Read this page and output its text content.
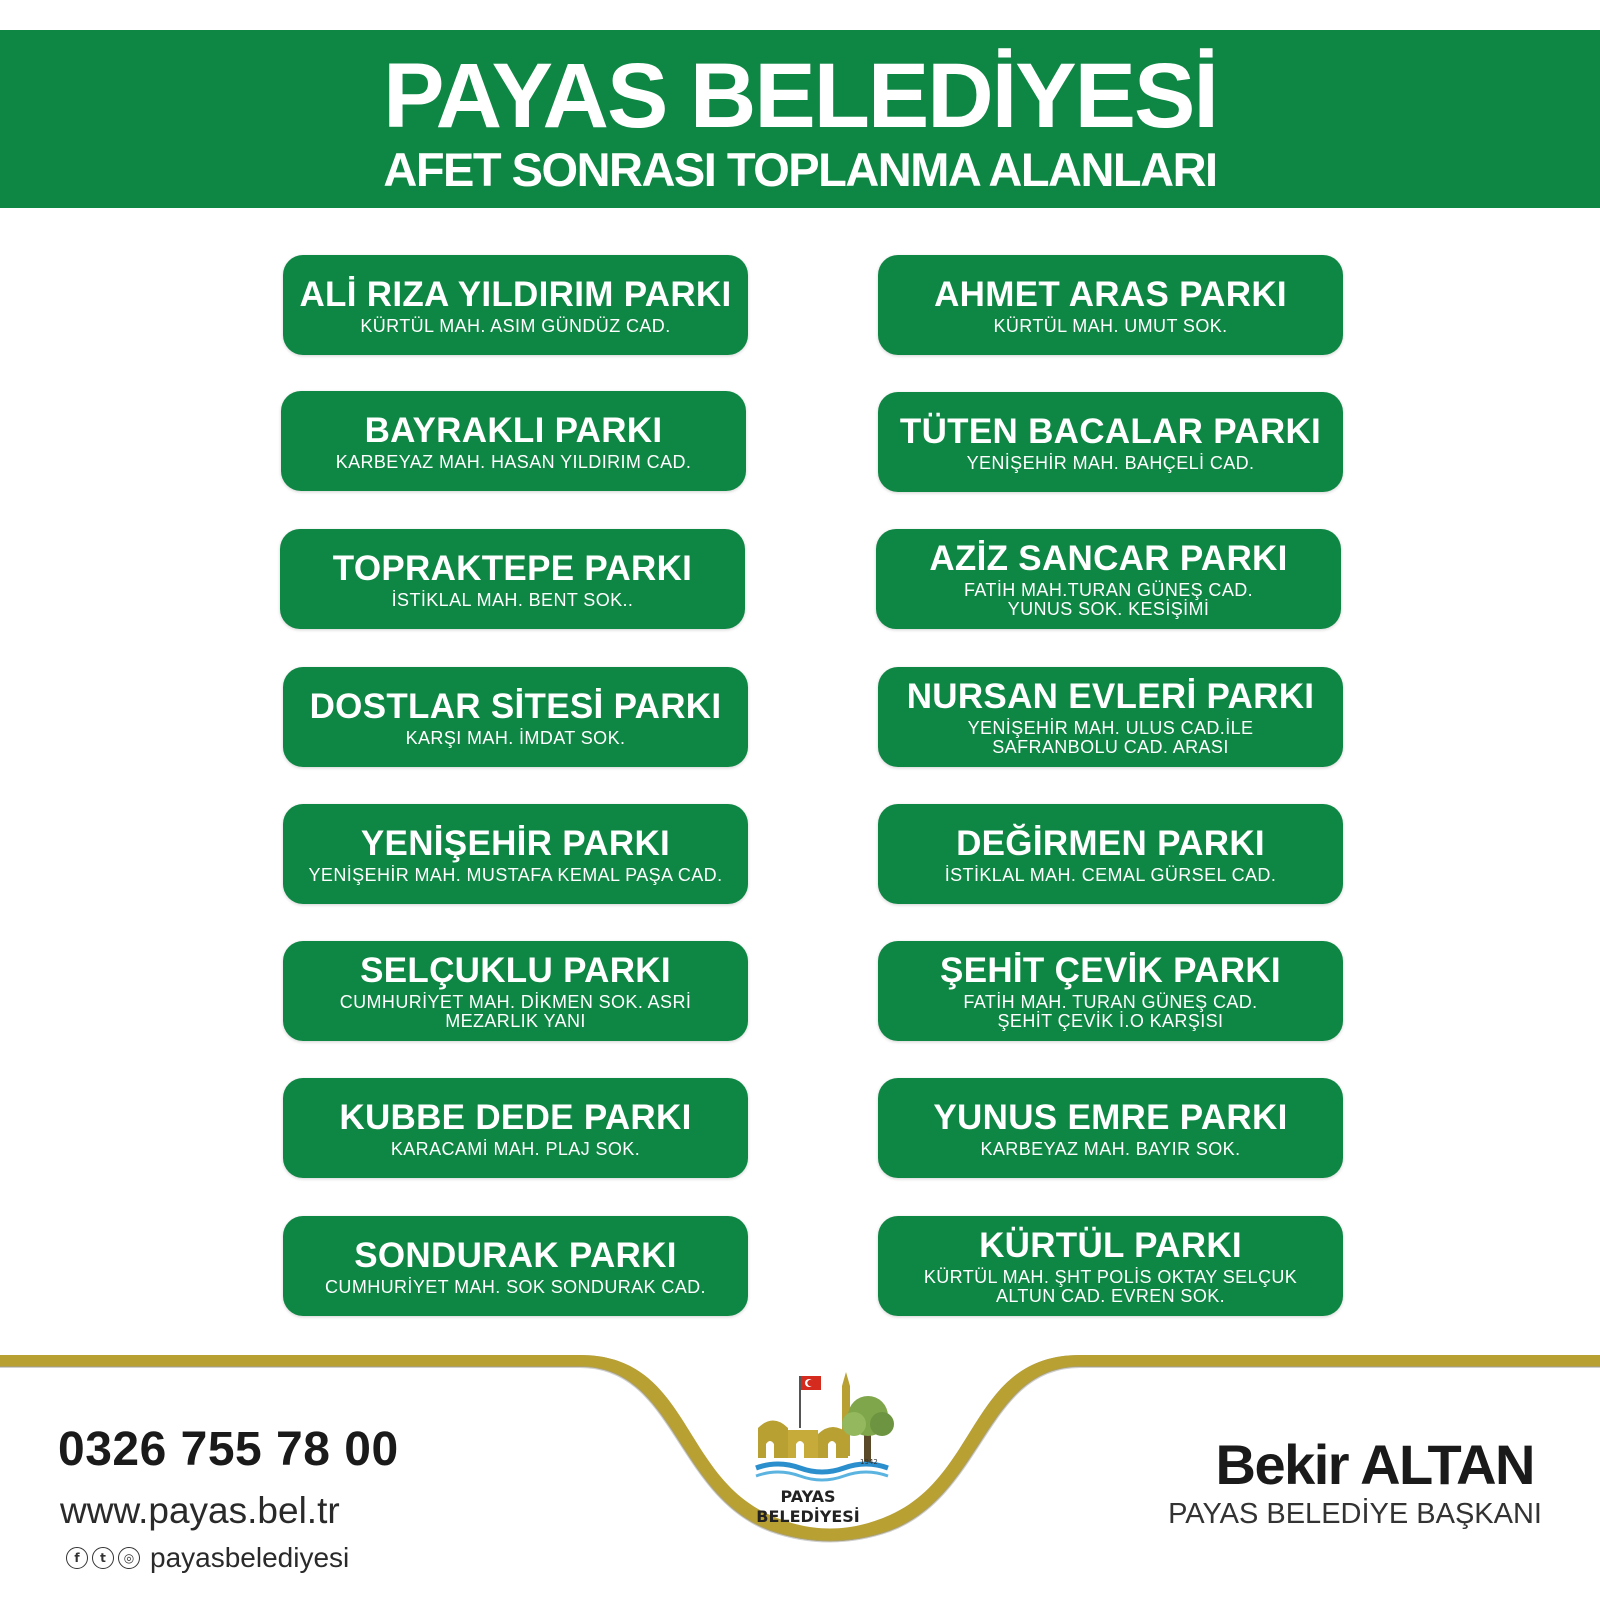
PAYAS BELEDİYESİ
AFET SONRASI TOPLANMA ALANLARI
ALİ RIZA YILDIRIM PARKI
KÜRTÜL MAH. ASIM GÜNDÜZ CAD.
BAYRAKLI PARKI
KARBEYAZ MAH. HASAN YILDIRIM CAD.
TOPRAKTEPE PARKI
İSTİKLAL MAH. BENT SOK..
DOSTLAR SİTESİ PARKI
KARŞI MAH. İMDAT SOK.
YENİŞEHİR PARKI
YENİŞEHİR MAH. MUSTAFA KEMAL PAŞA CAD.
SELÇUKLU PARKI
CUMHURİYET MAH. DİKMEN SOK. ASRİ
MEZARLIK YANI
KUBBE DEDE PARKI
KARACAMİ MAH. PLAJ SOK.
SONDURAK PARKI
CUMHURİYET MAH. SOK SONDURAK CAD.
AHMET ARAS PARKI
KÜRTÜL MAH. UMUT SOK.
TÜTEN BACALAR PARKI
YENİŞEHİR MAH. BAHÇELİ CAD.
AZİZ SANCAR PARKI
FATİH MAH.TURAN GÜNEŞ CAD.
YUNUS SOK. KESİŞİMİ
NURSAN EVLERİ PARKI
YENİŞEHİR MAH. ULUS CAD.İLE
SAFRANBOLU CAD. ARASI
DEĞİRMEN PARKI
İSTİKLAL MAH. CEMAL GÜRSEL CAD.
ŞEHİT ÇEVİK PARKI
FATİH MAH. TURAN GÜNEŞ CAD.
ŞEHİT ÇEVİK İ.O KARŞISI
YUNUS EMRE PARKI
KARBEYAZ MAH. BAYIR SOK.
KÜRTÜL PARKI
KÜRTÜL MAH. ŞHT POLİS OKTAY SELÇUK
ALTUN CAD. EVREN SOK.
0326 755 78 00
www.payas.bel.tr
f	t	◎ payasbelediyesi
1942
PAYAS
BELEDİYESİ
Bekir ALTAN
PAYAS BELEDİYE BAŞKANI
